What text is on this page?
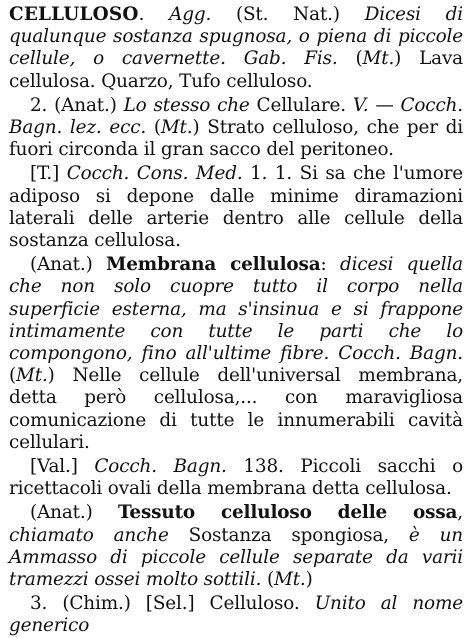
CELLULOSO. Agg. (St. Nat.) Dicesi di qualunque sostanza spugnosa, o piena di piccole cellule, o cavernette. Gab. Fis. (Mt.) Lava cellulosa. Quarzo, Tufo celluloso.

2. (Anat.) Lo stesso che Cellulare. V. — Cocch. Bagn. lez. ecc. (Mt.) Strato celluloso, che per di fuori circonda il gran sacco del peritoneo.

[T.] Cocch. Cons. Med. 1. 1. Si sa che l'umore adiposo si depone dalle minime diramazioni laterali delle arterie dentro alle cellule della sostanza cellulosa.

(Anat.) Membrana cellulosa: dicesi quella che non solo cuopre tutto il corpo nella superficie esterna, ma s'insinua e si frappone intimamente con tutte le parti che lo compongono, fino all'ultime fibre. Cocch. Bagn. (Mt.) Nelle cellule dell'universal membrana, detta però cellulosa,... con maravigliosa comunicazione di tutte le innumerabili cavità cellulari.

[Val.] Cocch. Bagn. 138. Piccoli sacchi o ricettacoli ovali della membrana detta cellulosa.

(Anat.) Tessuto celluloso delle ossa, chiamato anche Sostanza spongiosa, è un Ammasso di piccole cellule separate da varii tramezzi ossei molto sottili. (Mt.)

3. (Chim.) [Sel.] Celluloso. Unito al nome generico
